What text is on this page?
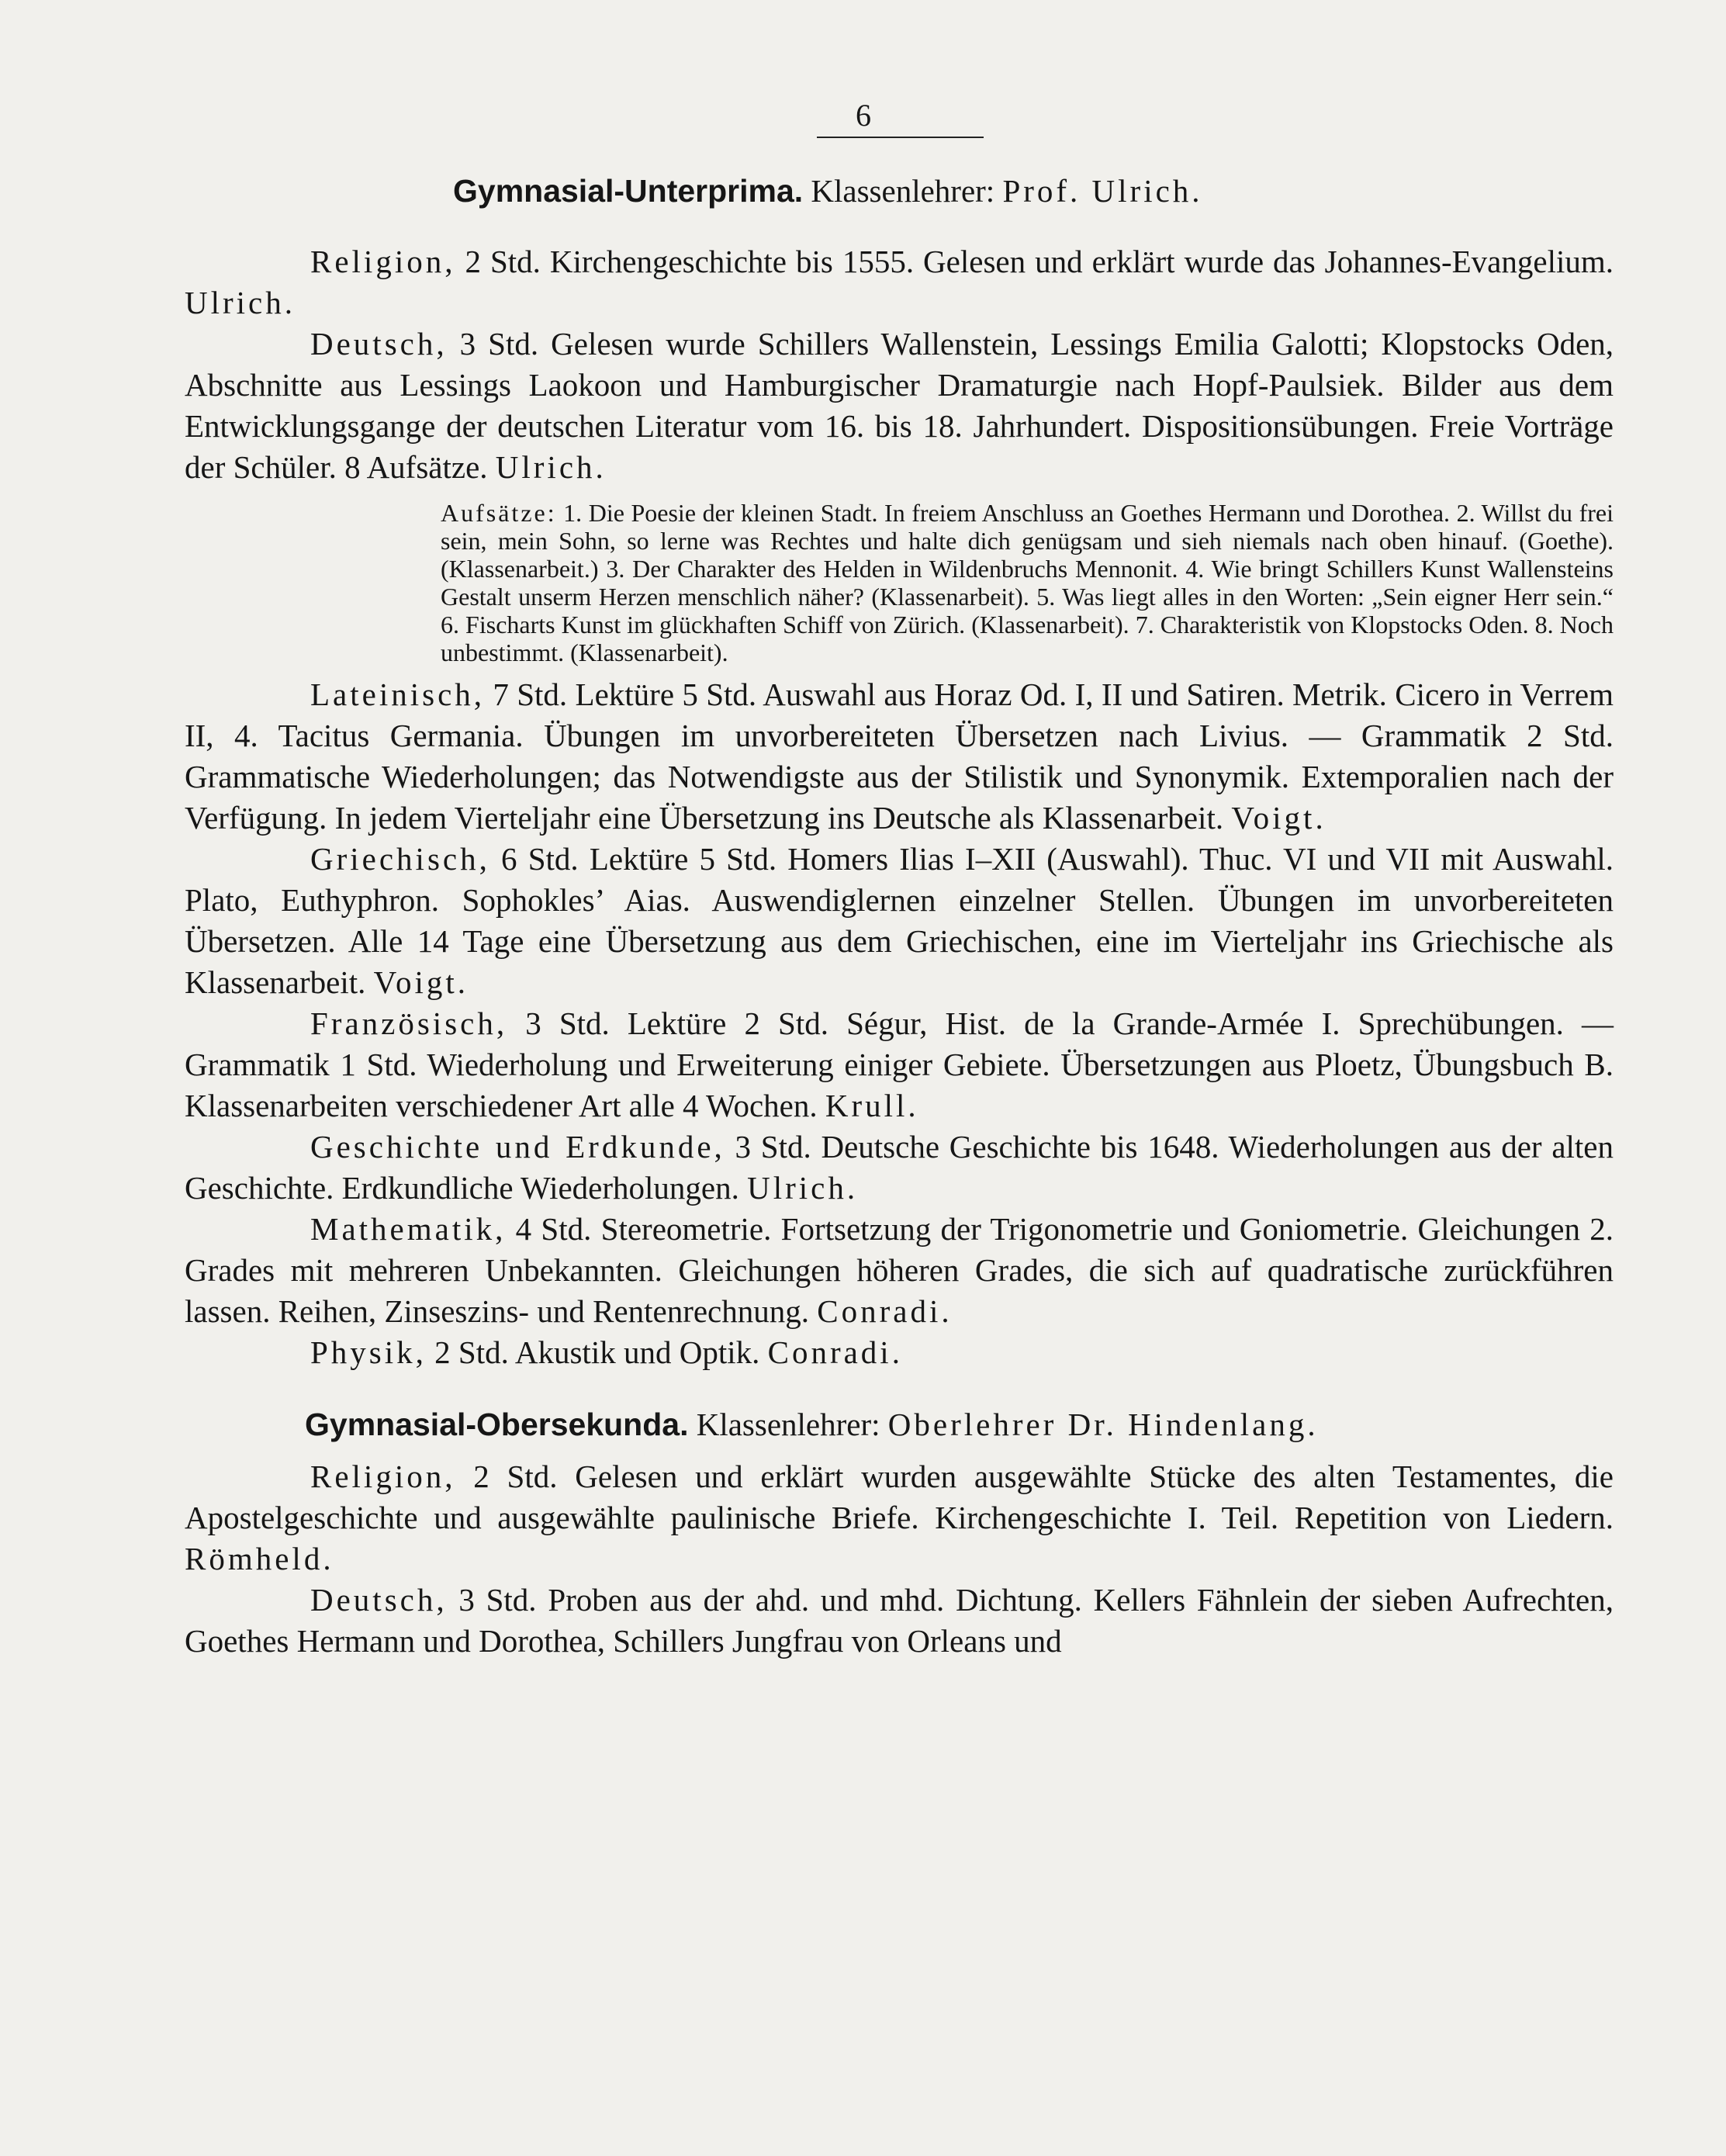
6

Gymnasial-Unterprima. Klassenlehrer: Prof. Ulrich.

Religion, 2 Std. Kirchengeschichte bis 1555. Gelesen und erklärt wurde das Johannes-Evangelium. Ulrich.

Deutsch, 3 Std. Gelesen wurde Schillers Wallenstein, Lessings Emilia Galotti; Klopstocks Oden, Abschnitte aus Lessings Laokoon und Hamburgischer Dramaturgie nach Hopf-Paulsiek. Bilder aus dem Entwicklungsgange der deutschen Literatur vom 16. bis 18. Jahrhundert. Dispositionsübungen. Freie Vorträge der Schüler. 8 Aufsätze. Ulrich.

Aufsätze: 1. Die Poesie der kleinen Stadt. In freiem Anschluss an Goethes Hermann und Dorothea. 2. Willst du frei sein, mein Sohn, so lerne was Rechtes und halte dich genügsam und sieh niemals nach oben hinauf. (Goethe). (Klassenarbeit.) 3. Der Charakter des Helden in Wildenbruchs Mennonit. 4. Wie bringt Schillers Kunst Wallensteins Gestalt unserm Herzen menschlich näher? (Klassenarbeit). 5. Was liegt alles in den Worten: „Sein eigner Herr sein.“ 6. Fischarts Kunst im glückhaften Schiff von Zürich. (Klassenarbeit). 7. Charakteristik von Klopstocks Oden. 8. Noch unbestimmt. (Klassenarbeit).

Lateinisch, 7 Std. Lektüre 5 Std. Auswahl aus Horaz Od. I, II und Satiren. Metrik. Cicero in Verrem II, 4. Tacitus Germania. Übungen im unvorbereiteten Übersetzen nach Livius. — Grammatik 2 Std. Grammatische Wiederholungen; das Notwendigste aus der Stilistik und Synonymik. Extemporalien nach der Verfügung. In jedem Vierteljahr eine Übersetzung ins Deutsche als Klassenarbeit. Voigt.

Griechisch, 6 Std. Lektüre 5 Std. Homers Ilias I–XII (Auswahl). Thuc. VI und VII mit Auswahl. Plato, Euthyphron. Sophokles’ Aias. Auswendiglernen einzelner Stellen. Übungen im unvorbereiteten Übersetzen. Alle 14 Tage eine Übersetzung aus dem Griechischen, eine im Vierteljahr ins Griechische als Klassenarbeit. Voigt.

Französisch, 3 Std. Lektüre 2 Std. Ségur, Hist. de la Grande-Armée I. Sprechübungen. — Grammatik 1 Std. Wiederholung und Erweiterung einiger Gebiete. Übersetzungen aus Ploetz, Übungsbuch B. Klassenarbeiten verschiedener Art alle 4 Wochen. Krull.

Geschichte und Erdkunde, 3 Std. Deutsche Geschichte bis 1648. Wiederholungen aus der alten Geschichte. Erdkundliche Wiederholungen. Ulrich.

Mathematik, 4 Std. Stereometrie. Fortsetzung der Trigonometrie und Goniometrie. Gleichungen 2. Grades mit mehreren Unbekannten. Gleichungen höheren Grades, die sich auf quadratische zurückführen lassen. Reihen, Zinseszins- und Rentenrechnung. Conradi.

Physik, 2 Std. Akustik und Optik. Conradi.

Gymnasial-Obersekunda. Klassenlehrer: Oberlehrer Dr. Hindenlang.

Religion, 2 Std. Gelesen und erklärt wurden ausgewählte Stücke des alten Testamentes, die Apostelgeschichte und ausgewählte paulinische Briefe. Kirchengeschichte I. Teil. Repetition von Liedern. Römheld.

Deutsch, 3 Std. Proben aus der ahd. und mhd. Dichtung. Kellers Fähnlein der sieben Aufrechten, Goethes Hermann und Dorothea, Schillers Jungfrau von Orleans und
